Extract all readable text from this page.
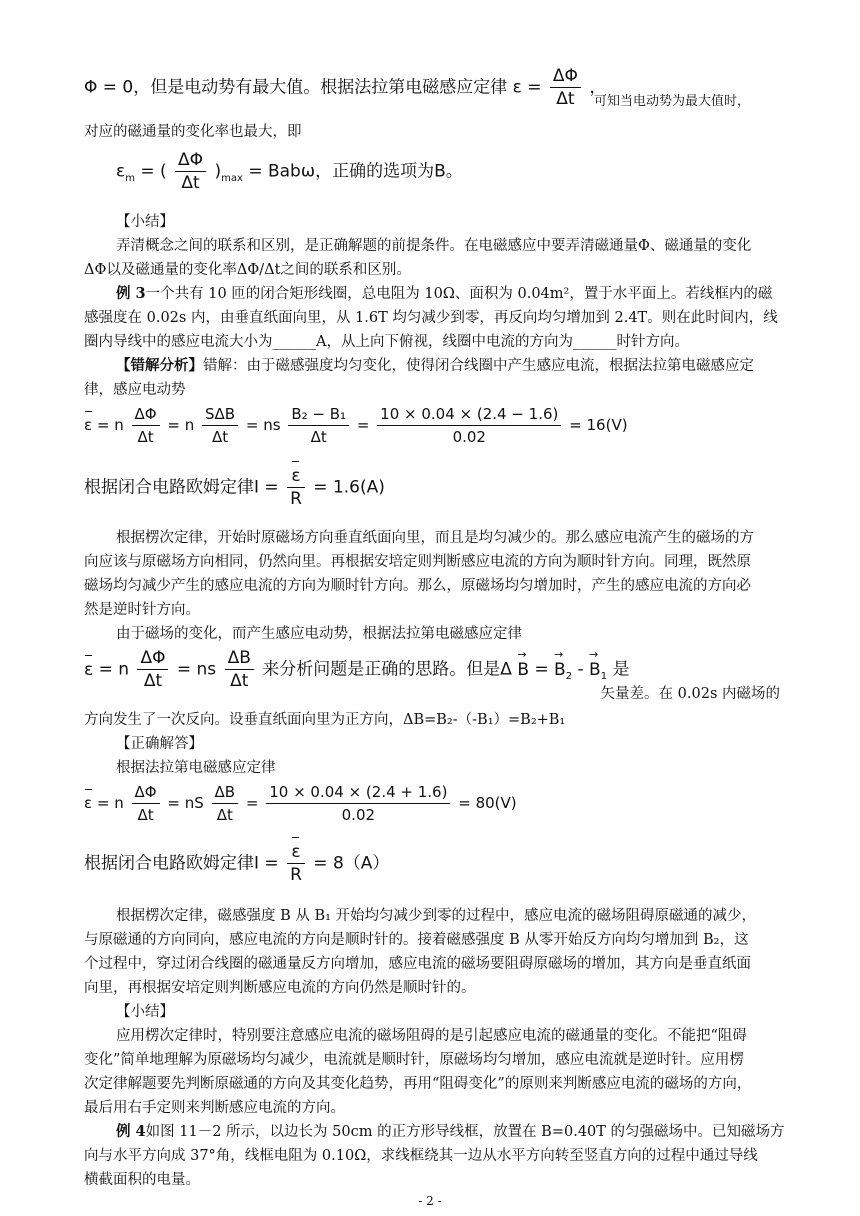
Φ = 0，但是电动势有最大值。根据法拉第电磁感应定律 $\varepsilon = \frac{\Delta\Phi}{\Delta t}$ ，
可知当电动势为最大值时，
对应的磁通量的变化率也最大，即
$\varepsilon_m$ = ( $\frac{\Delta\Phi}{\Delta t} )_{max} = Bab\omega$，正确的选项为B。
【小结】
弄清概念之间的联系和区别，是正确解题的前提条件。在电磁感应中要弄清磁通量Φ、磁通量的变化
ΔΦ以及磁通量的变化率ΔΦ/Δt之间的联系和区别。
例 3一个共有 10 匝的闭合矩形线圈，总电阻为 10Ω、面积为 0.04m²，置于水平面上。若线框内的磁
感强度在 0.02s 内，由垂直纸面向里，从 1.6T 均匀减少到零，再反向均匀增加到 2.4T。则在此时间内，线
圈内导线中的感应电流大小为______A，从上向下俯视，线圈中电流的方向为______时针方向。
【错解分析】错解：由于磁感强度均匀变化，使得闭合线圈中产生感应电流，根据法拉第电磁感应定
律，感应电动势
ε = n $\frac{\Delta\Phi}{\Delta t} = n \frac{\text{SΔB}}{\Delta t}$ = ns $\frac{\text{B₂ − B₁}}{\Delta t} = \frac{10 \times 0.04 \times (2.4 - 1.6)}{0.02} = 16(V)$
根据闭合电路欧姆定律$I = \frac{\varepsilon}{R} = 1.6(A)$
根据楞次定律，开始时原磁场方向垂直纸面向里，而且是均匀减少的。那么感应电流产生的磁场的方
向应该与原磁场方向相同，仍然向里。再根据安培定则判断感应电流的方向为顺时针方向。同理，既然原
磁场均匀减少产生的感应电流的方向为顺时针方向。那么，原磁场均匀增加时，产生的感应电流的方向必
然是逆时针方向。
由于磁场的变化，而产生感应电动势，根据法拉第电磁感应定律
ε = n $\frac{\Delta\Phi}{\Delta t}$ = ns $\frac{\Delta B}{\Delta t}$ 来分析问题是正确的思路。但是Δ
→
B =
→
$B_2$ -
→
$B_1$ 是
矢量差。在 0.02s 内磁场的
方向发生了一次反向。设垂直纸面向里为正方向，ΔB=B₂-（-B₁）=B₂+B₁
【正确解答】
根据法拉第电磁感应定律
ε = n $\frac{\Delta\Phi}{\Delta t}$ = nS $\frac{\Delta B}{\Delta t} = \frac{10 \times 0.04 \times (2.4 + 1.6)}{0.02} = 80(V)$
根据闭合电路欧姆定律$I = \frac{\varepsilon}{R} = 8(A)$
根据楞次定律，磁感强度 B 从 B₁ 开始均匀减少到零的过程中，感应电流的磁场阻碍原磁通的减少，
与原磁通的方向同向，感应电流的方向是顺时针的。接着磁感强度 B 从零开始反方向均匀增加到 B₂，这
个过程中，穿过闭合线圈的磁通量反方向增加，感应电流的磁场要阻碍原磁场的增加，其方向是垂直纸面
向里，再根据安培定则判断感应电流的方向仍然是顺时针的。
【小结】
应用楞次定律时，特别要注意感应电流的磁场阻碍的是引起感应电流的磁通量的变化。不能把“阻碍
变化”简单地理解为原磁场均匀减少，电流就是顺时针，原磁场均匀增加，感应电流就是逆时针。应用楞
次定律解题要先判断原磁通的方向及其变化趋势，再用“阻碍变化”的原则来判断感应电流的磁场的方向，
最后用右手定则来判断感应电流的方向。
例 4如图 11－2 所示，以边长为 50cm 的正方形导线框，放置在 B=0.40T 的匀强磁场中。已知磁场方
向与水平方向成 37°角，线框电阻为 0.10Ω，求线框绕其一边从水平方向转至竖直方向的过程中通过导线
横截面积的电量。
- 2 -
